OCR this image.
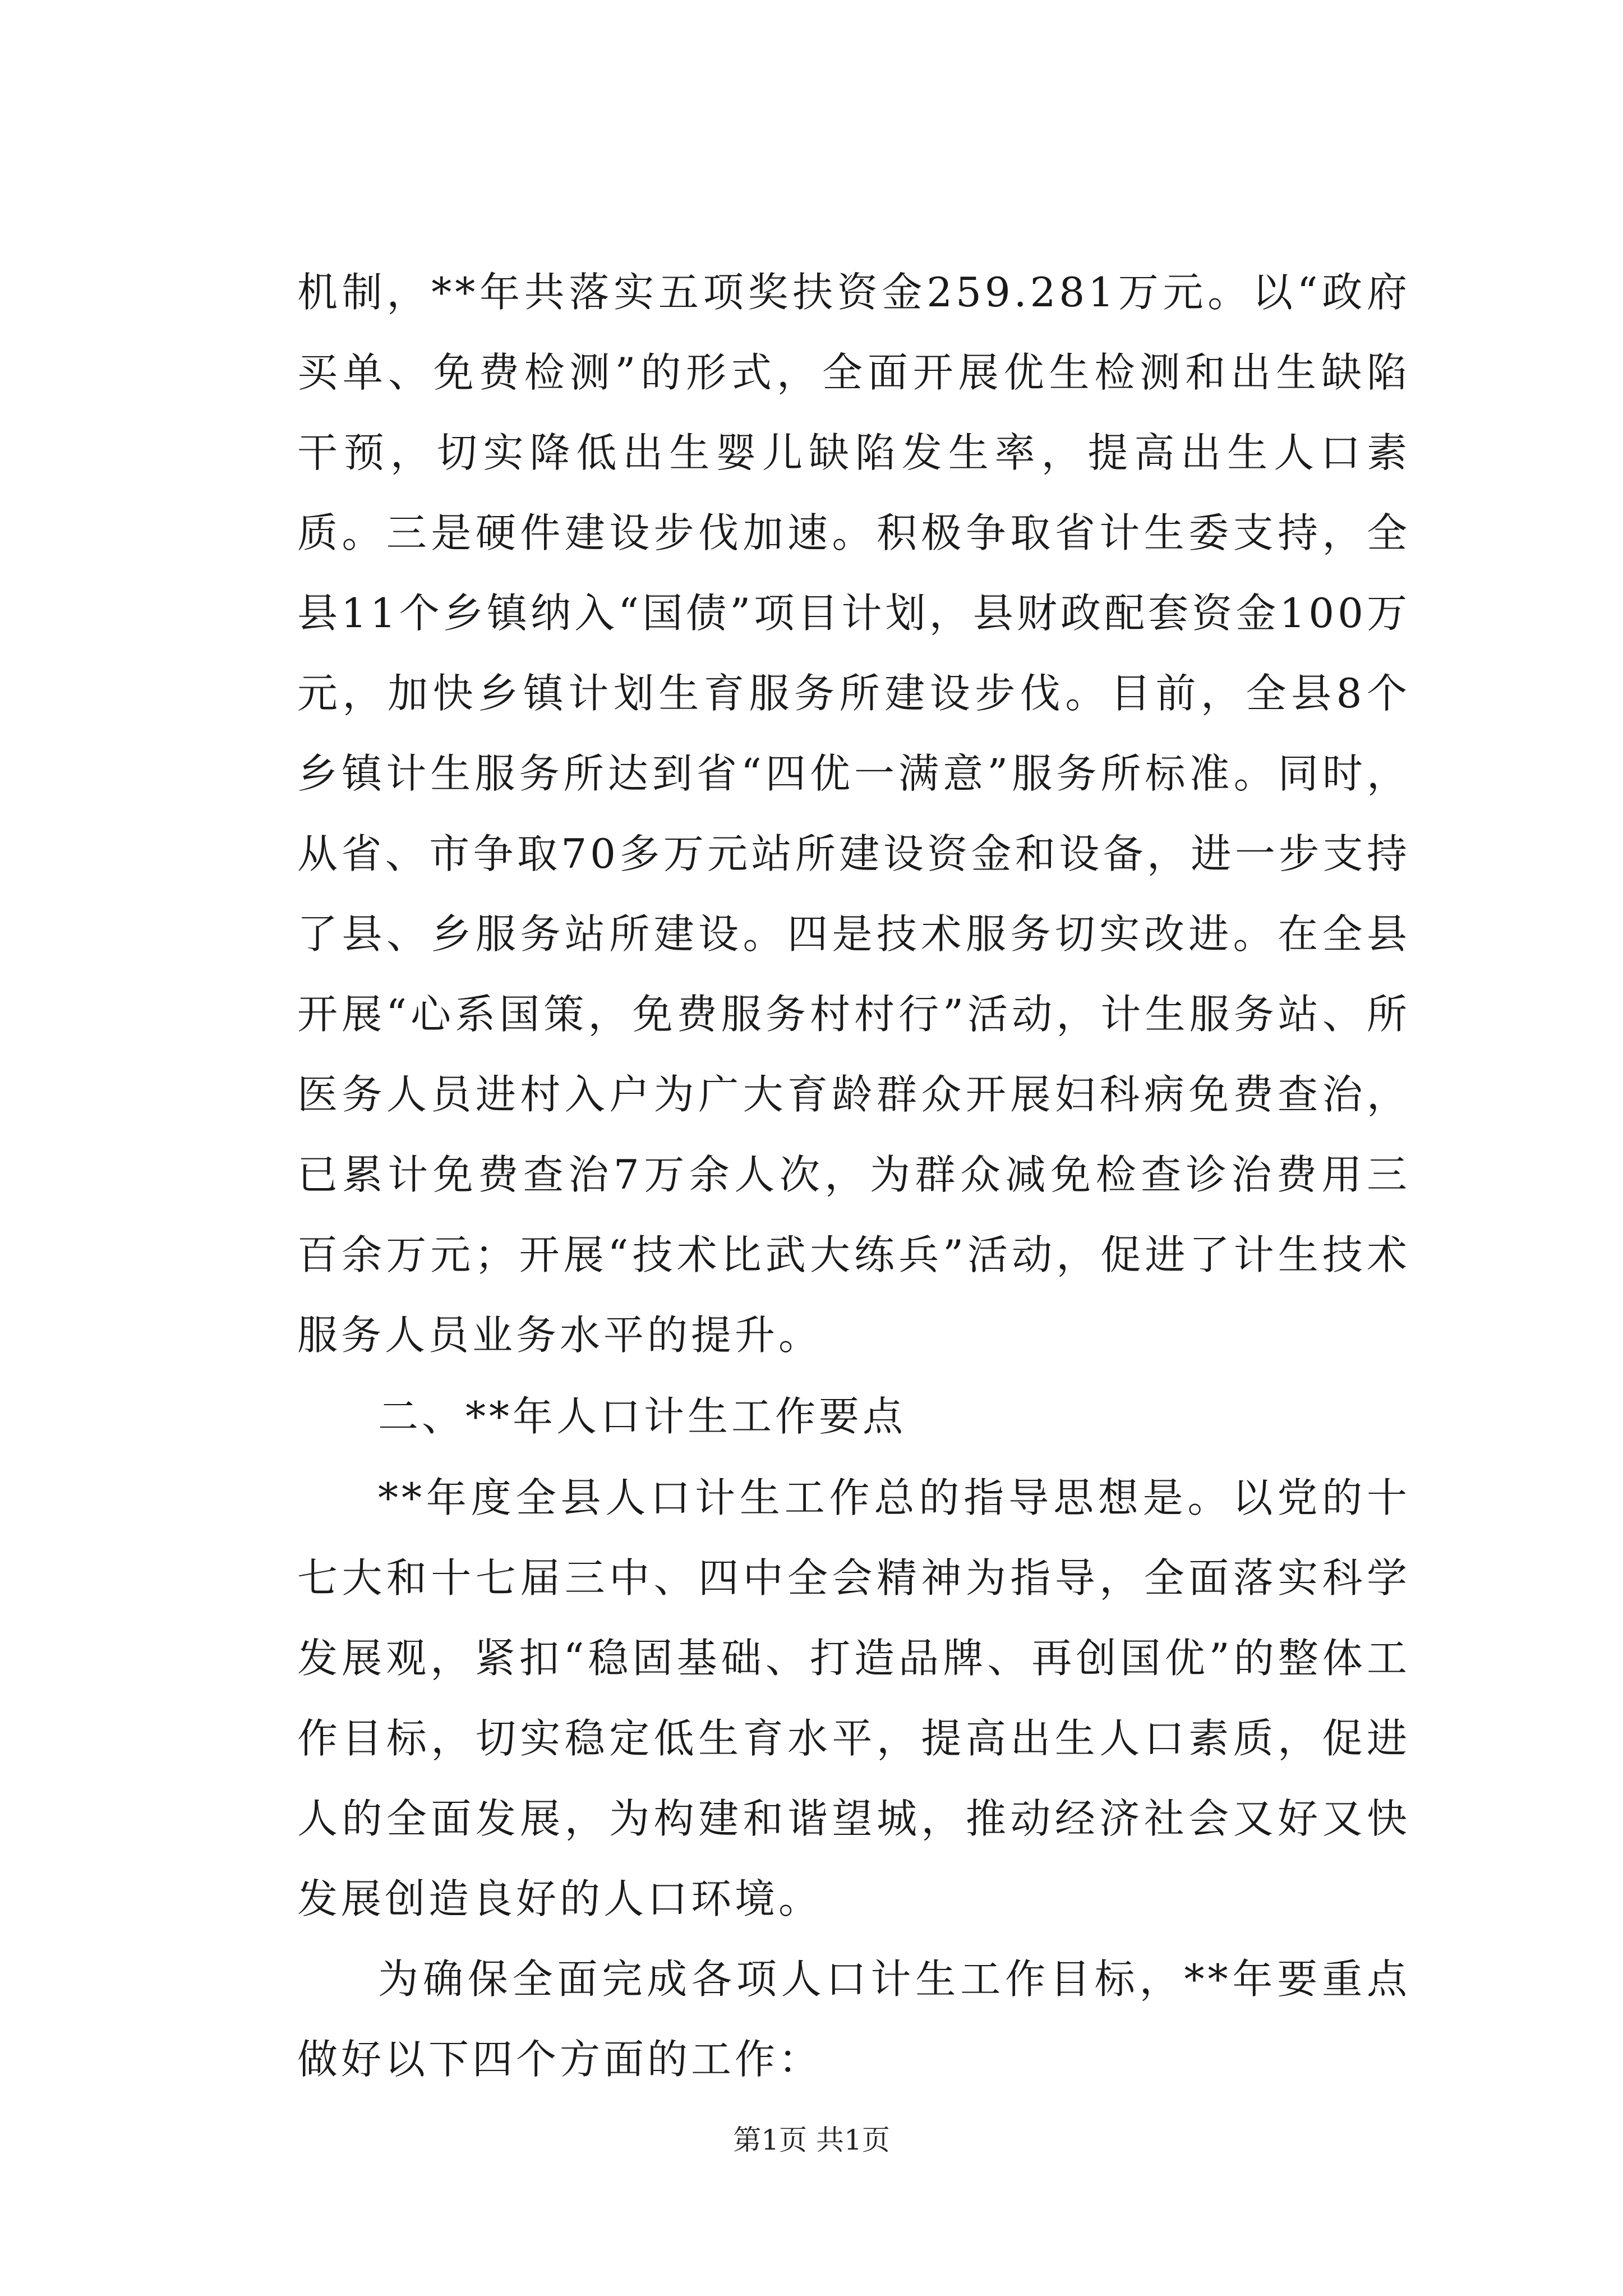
机制，**年共落实五项奖扶资金259.281万元。以“政府买单、免费检测”的形式，全面开展优生检测和出生缺陷干预，切实降低出生婴儿缺陷发生率，提高出生人口素质。三是硬件建设步伐加速。积极争取省计生委支持，全县11个乡镇纳入“国债”项目计划，县财政配套资金100万元，加快乡镇计划生育服务所建设步伐。目前，全县8个乡镇计生服务所达到省“四优一满意”服务所标准。同时，从省、市争取70多万元站所建设资金和设备，进一步支持了县、乡服务站所建设。四是技术服务切实改进。在全县开展“心系国策，免费服务村村行”活动，计生服务站、所医务人员进村入户为广大育龄群众开展妇科病免费查治，已累计免费查治7万余人次，为群众减免检查诊治费用三百余万元；开展“技术比武大练兵”活动，促进了计生技术服务人员业务水平的提升。

二、**年人口计生工作要点

**年度全县人口计生工作总的指导思想是。以党的十七大和十七届三中、四中全会精神为指导，全面落实科学发展观，紧扣“稳固基础、打造品牌、再创国优”的整体工作目标，切实稳定低生育水平，提高出生人口素质，促进人的全面发展，为构建和谐望城，推动经济社会又好又快发展创造良好的人口环境。

为确保全面完成各项人口计生工作目标，**年要重点做好以下四个方面的工作：

第1页 共1页
